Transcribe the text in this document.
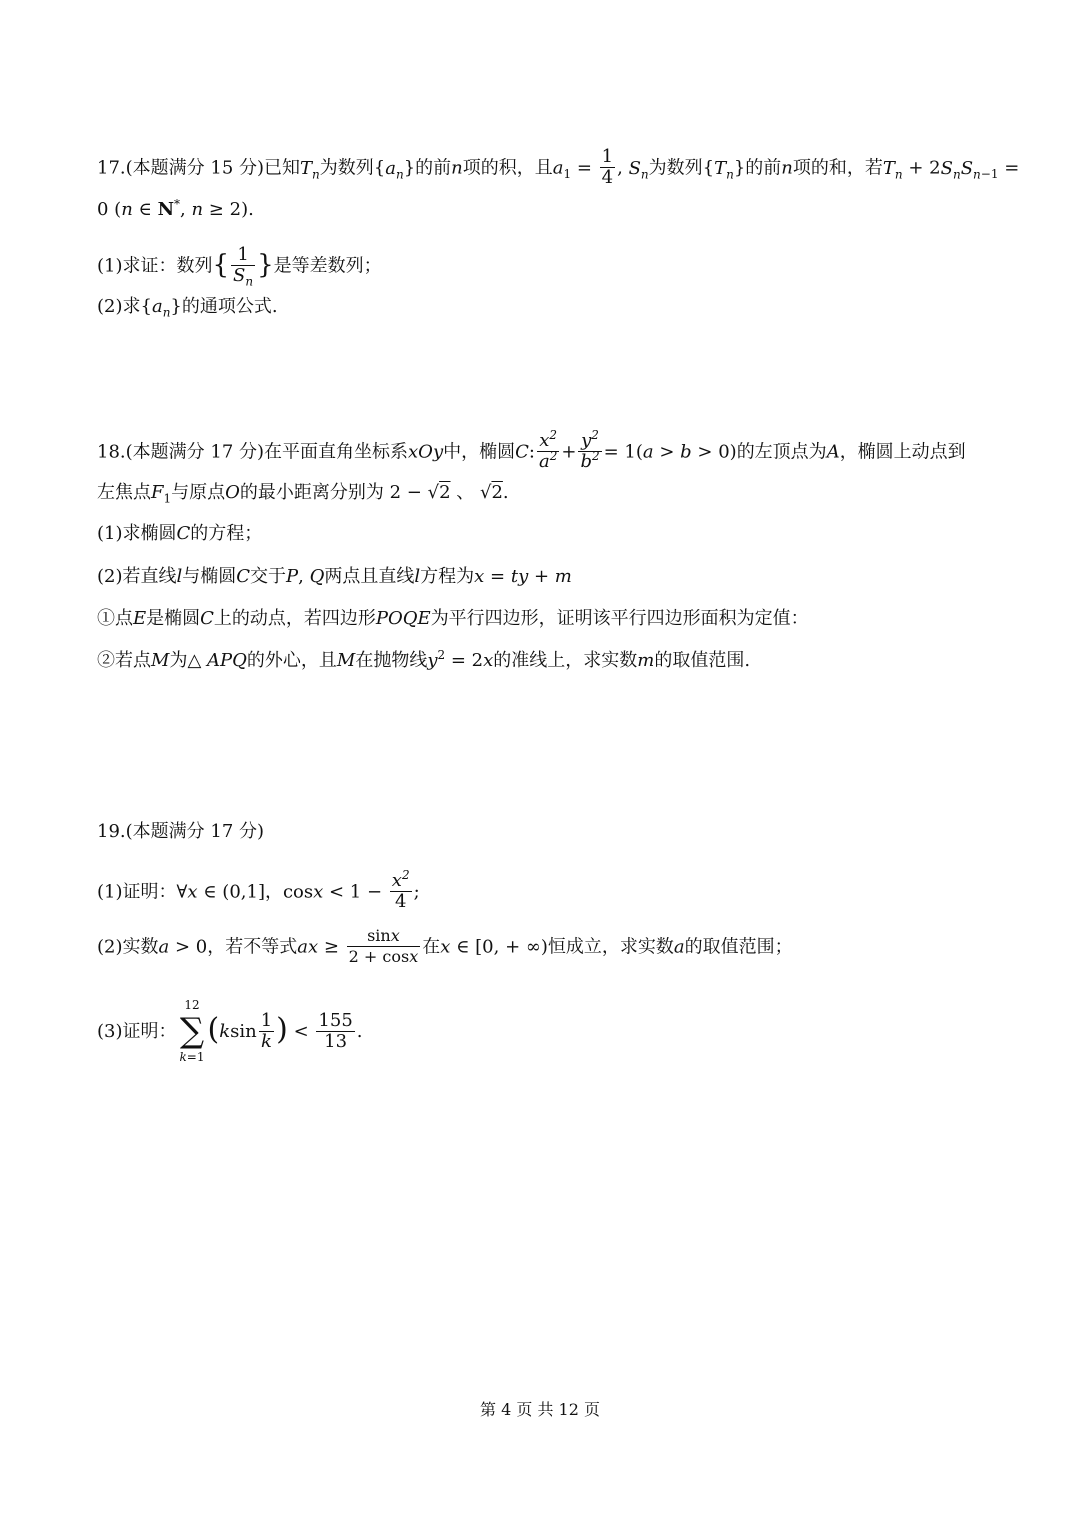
17.(本题满分 15 分)已知$T_n$为数列$\{a_n\}$的前n项的积，且$a_1 = \frac{1}{4}$ , $S_n$为数列$\{T_n\}$的前n项的和，若$T_n + 2S_nS_{n-1}$ =
0 (n ∈ N*, n ≥ 2).
(1)求证：数列{ $\frac{1}{S_n}$ }是等差数列；
(2)求$\{a_n\}$的通项公式.
18.(本题满分 17 分)在平面直角坐标系xOy中，椭圆C: $\frac{x^2}{a^2} + \frac{y^2}{b^2} = 1(a > b > 0)$的左顶点为A，椭圆上动点到
左焦点$F_1$与原点O的最小距离分别为 2 − √2 、 √2.
(1)求椭圆C的方程；
(2)若直线l与椭圆C交于P, Q两点且直线l方程为x = ty + m
①点E是椭圆C上的动点，若四边形POQE为平行四边形，证明该平行四边形面积为定值：
②若点M为△ APQ的外心，且M在抛物线$y^2 = 2x$的准线上，求实数m的取值范围.
19.(本题满分 17 分)
(1)证明：∀x ∈ (0,1]，$\cos x < 1 - \frac{x^2}{4}$ ;
(2)实数a > 0，若不等式ax ≥ $\frac{\sin x}{2 + \cos x}$ 在x ∈ [0, + ∞)恒成立，求实数a的取值范围；
(3)证明：
12
∑
k=1
($ksin \frac{1}{k}$ ) < $\frac{155}{13}$ .
第 4 页 共 12 页
